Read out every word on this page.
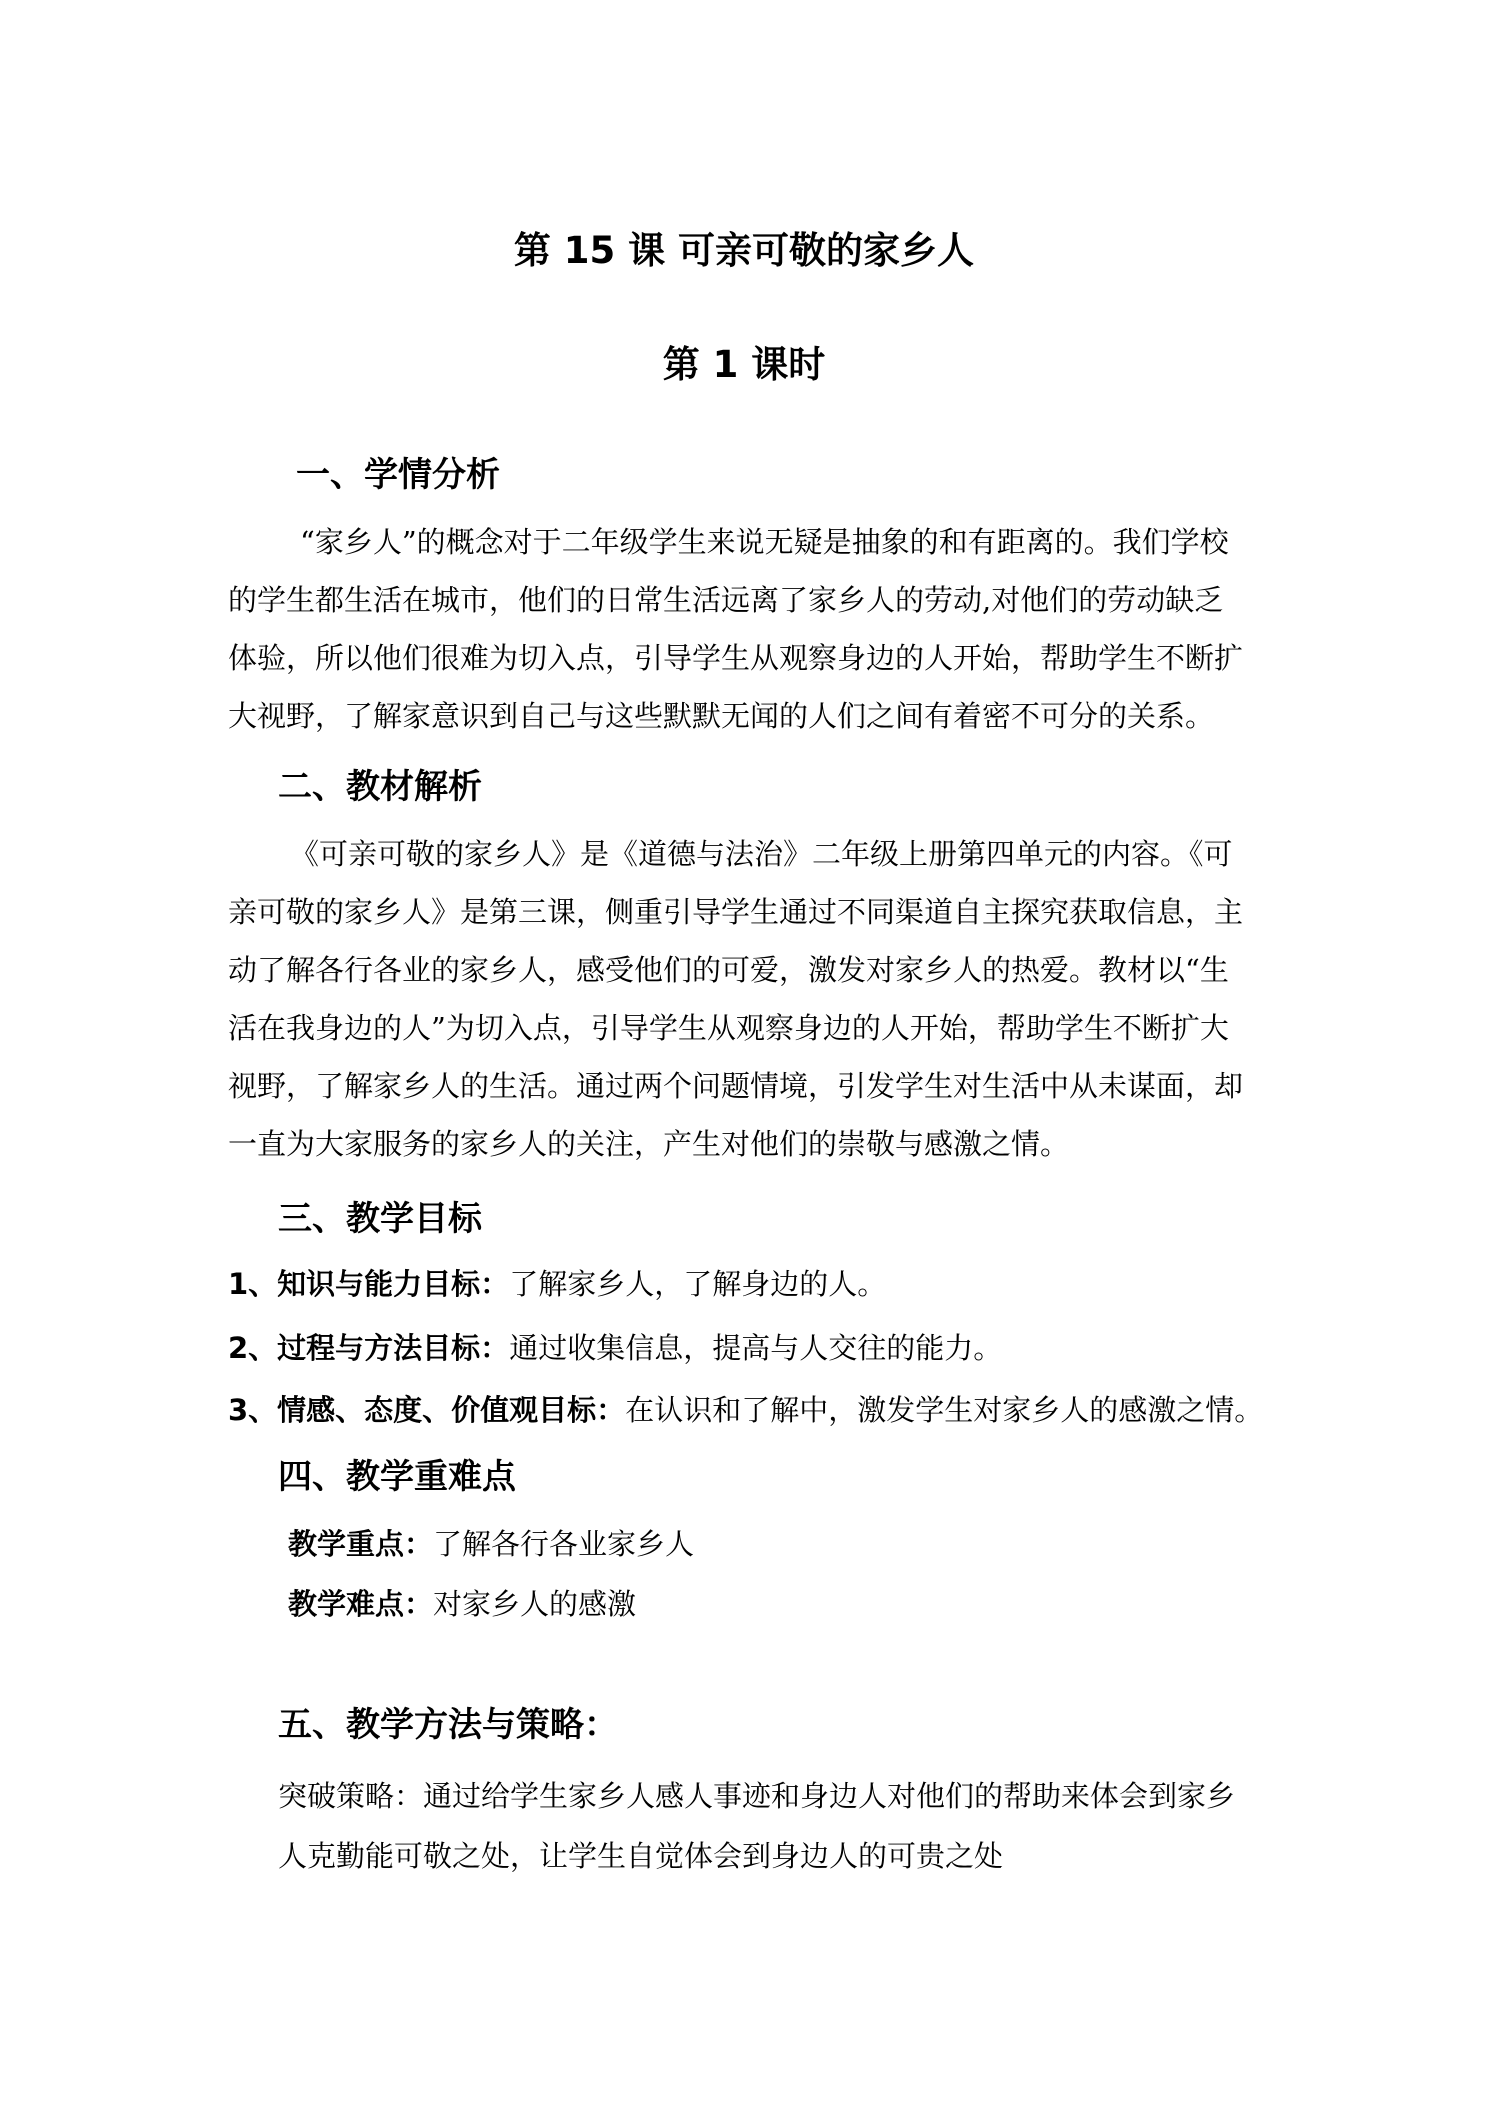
第 15 课 可亲可敬的家乡人
第 1 课时
一、学情分析
“家乡人”的概念对于二年级学生来说无疑是抽象的和有距离的。我们学校
的学生都生活在城市，他们的日常生活远离了家乡人的劳动,对他们的劳动缺乏
体验，所以他们很难为切入点，引导学生从观察身边的人开始，帮助学生不断扩
大视野，了解家意识到自己与这些默默无闻的人们之间有着密不可分的关系。
二、教材解析
《可亲可敬的家乡人》是《道德与法治》二年级上册第四单元的内容。《可
亲可敬的家乡人》是第三课，侧重引导学生通过不同渠道自主探究获取信息，主
动了解各行各业的家乡人，感受他们的可爱，激发对家乡人的热爱。教材以“生
活在我身边的人”为切入点，引导学生从观察身边的人开始，帮助学生不断扩大
视野，了解家乡人的生活。通过两个问题情境，引发学生对生活中从未谋面，却
一直为大家服务的家乡人的关注，产生对他们的崇敬与感激之情。
三、教学目标
1、知识与能力目标：了解家乡人，了解身边的人。
2、过程与方法目标：通过收集信息，提高与人交往的能力。
3、情感、态度、价值观目标：在认识和了解中，激发学生对家乡人的感激之情。
四、教学重难点
教学重点：了解各行各业家乡人
教学难点：对家乡人的感激
五、教学方法与策略：
突破策略：通过给学生家乡人感人事迹和身边人对他们的帮助来体会到家乡
人克勤能可敬之处，让学生自觉体会到身边人的可贵之处
